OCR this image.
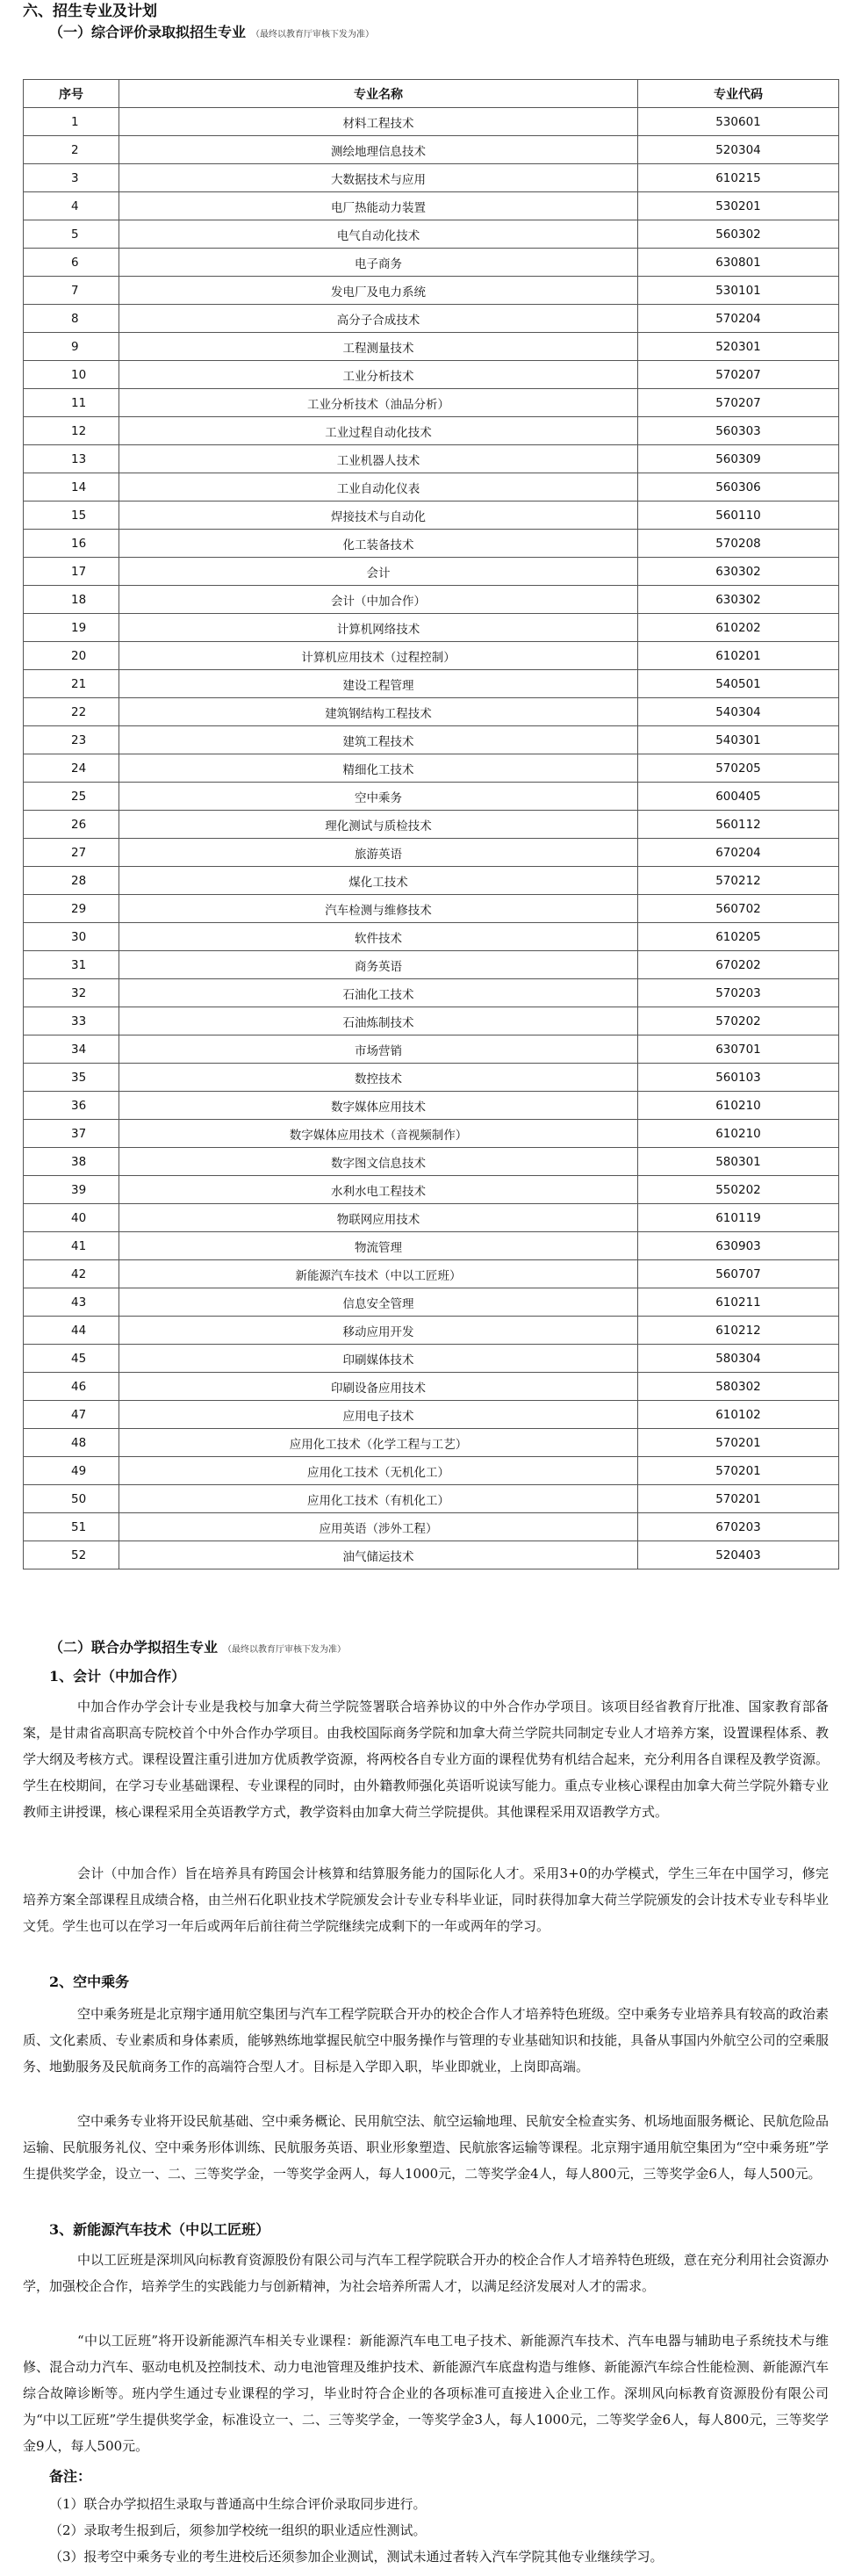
六、招生专业及计划
（一）综合评价录取拟招生专业 （最终以教育厅审核下发为准）
序号	专业名称	专业代码
1	材料工程技术	530601
2	测绘地理信息技术	520304
3	大数据技术与应用	610215
4	电厂热能动力装置	530201
5	电气自动化技术	560302
6	电子商务	630801
7	发电厂及电力系统	530101
8	高分子合成技术	570204
9	工程测量技术	520301
10	工业分析技术	570207
11	工业分析技术（油品分析）	570207
12	工业过程自动化技术	560303
13	工业机器人技术	560309
14	工业自动化仪表	560306
15	焊接技术与自动化	560110
16	化工装备技术	570208
17	会计	630302
18	会计（中加合作）	630302
19	计算机网络技术	610202
20	计算机应用技术（过程控制）	610201
21	建设工程管理	540501
22	建筑钢结构工程技术	540304
23	建筑工程技术	540301
24	精细化工技术	570205
25	空中乘务	600405
26	理化测试与质检技术	560112
27	旅游英语	670204
28	煤化工技术	570212
29	汽车检测与维修技术	560702
30	软件技术	610205
31	商务英语	670202
32	石油化工技术	570203
33	石油炼制技术	570202
34	市场营销	630701
35	数控技术	560103
36	数字媒体应用技术	610210
37	数字媒体应用技术（音视频制作）	610210
38	数字图文信息技术	580301
39	水利水电工程技术	550202
40	物联网应用技术	610119
41	物流管理	630903
42	新能源汽车技术（中以工匠班）	560707
43	信息安全管理	610211
44	移动应用开发	610212
45	印刷媒体技术	580304
46	印刷设备应用技术	580302
47	应用电子技术	610102
48	应用化工技术（化学工程与工艺）	570201
49	应用化工技术（无机化工）	570201
50	应用化工技术（有机化工）	570201
51	应用英语（涉外工程）	670203
52	油气储运技术	520403
（二）联合办学拟招生专业 （最终以教育厅审核下发为准）
1、会计（中加合作）

中加合作办学会计专业是我校与加拿大荷兰学院签署联合培养协议的中外合作办学项目。该项目经省教育厅批准、国家教育部备案，是甘肃省高职高专院校首个中外合作办学项目。由我校国际商务学院和加拿大荷兰学院共同制定专业人才培养方案，设置课程体系、教学大纲及考核方式。课程设置注重引进加方优质教学资源，将两校各自专业方面的课程优势有机结合起来，充分利用各自课程及教学资源。学生在校期间，在学习专业基础课程、专业课程的同时，由外籍教师强化英语听说读写能力。重点专业核心课程由加拿大荷兰学院外籍专业教师主讲授课，核心课程采用全英语教学方式，教学资料由加拿大荷兰学院提供。其他课程采用双语教学方式。

会计（中加合作）旨在培养具有跨国会计核算和结算服务能力的国际化人才。采用3+0的办学模式，学生三年在中国学习，修完培养方案全部课程且成绩合格，由兰州石化职业技术学院颁发会计专业专科毕业证，同时获得加拿大荷兰学院颁发的会计技术专业专科毕业文凭。学生也可以在学习一年后或两年后前往荷兰学院继续完成剩下的一年或两年的学习。

2、空中乘务

空中乘务班是北京翔宇通用航空集团与汽车工程学院联合开办的校企合作人才培养特色班级。空中乘务专业培养具有较高的政治素质、文化素质、专业素质和身体素质，能够熟练地掌握民航空中服务操作与管理的专业基础知识和技能，具备从事国内外航空公司的空乘服务、地勤服务及民航商务工作的高端符合型人才。目标是入学即入职，毕业即就业，上岗即高端。

空中乘务专业将开设民航基础、空中乘务概论、民用航空法、航空运输地理、民航安全检查实务、机场地面服务概论、民航危险品运输、民航服务礼仪、空中乘务形体训练、民航服务英语、职业形象塑造、民航旅客运输等课程。北京翔宇通用航空集团为“空中乘务班”学生提供奖学金，设立一、二、三等奖学金，一等奖学金两人，每人1000元，二等奖学金4人，每人800元，三等奖学金6人，每人500元。

3、新能源汽车技术（中以工匠班）

中以工匠班是深圳风向标教育资源股份有限公司与汽车工程学院联合开办的校企合作人才培养特色班级，意在充分利用社会资源办学，加强校企合作，培养学生的实践能力与创新精神，为社会培养所需人才，以满足经济发展对人才的需求。

“中以工匠班”将开设新能源汽车相关专业课程：新能源汽车电工电子技术、新能源汽车技术、汽车电器与辅助电子系统技术与维修、混合动力汽车、驱动电机及控制技术、动力电池管理及维护技术、新能源汽车底盘构造与维修、新能源汽车综合性能检测、新能源汽车综合故障诊断等。班内学生通过专业课程的学习，毕业时符合企业的各项标准可直接进入企业工作。深圳风向标教育资源股份有限公司为“中以工匠班”学生提供奖学金，标准设立一、二、三等奖学金，一等奖学金3人，每人1000元，二等奖学金6人，每人800元，三等奖学金9人，每人500元。

备注：

（1）联合办学拟招生录取与普通高中生综合评价录取同步进行。

（2）录取考生报到后，须参加学校统一组织的职业适应性测试。

（3）报考空中乘务专业的考生进校后还须参加企业测试，测试未通过者转入汽车学院其他专业继续学习。
